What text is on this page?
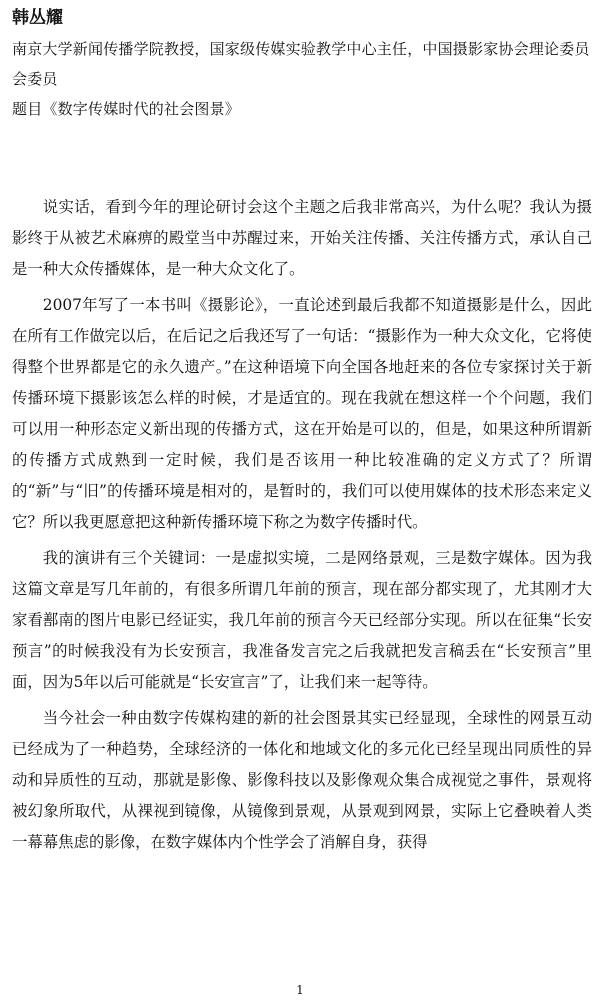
韩丛耀

南京大学新闻传播学院教授，国家级传媒实验教学中心主任，中国摄影家协会理论委员会委员

题目《数字传媒时代的社会图景》

说实话，看到今年的理论研讨会这个主题之后我非常高兴，为什么呢？我认为摄影终于从被艺术麻痹的殿堂当中苏醒过来，开始关注传播、关注传播方式，承认自己是一种大众传播媒体，是一种大众文化了。

2007年写了一本书叫《摄影论》，一直论述到最后我都不知道摄影是什么，因此在所有工作做完以后，在后记之后我还写了一句话：“摄影作为一种大众文化，它将使得整个世界都是它的永久遗产。”在这种语境下向全国各地赶来的各位专家探讨关于新传播环境下摄影该怎么样的时候，才是适宜的。现在我就在想这样一个个问题，我们可以用一种形态定义新出现的传播方式，这在开始是可以的，但是，如果这种所谓新的传播方式成熟到一定时候，我们是否该用一种比较准确的定义方式了？所谓的“新”与“旧”的传播环境是相对的，是暂时的，我们可以使用媒体的技术形态来定义它？所以我更愿意把这种新传播环境下称之为数字传播时代。

我的演讲有三个关键词：一是虚拟实境，二是网络景观，三是数字媒体。因为我这篇文章是写几年前的，有很多所谓几年前的预言，现在部分都实现了，尤其刚才大家看鄯南的图片电影已经证实，我几年前的预言今天已经部分实现。所以在征集“长安预言”的时候我没有为长安预言，我准备发言完之后我就把发言稿丢在“长安预言”里面，因为5年以后可能就是“长安宣言”了，让我们来一起等待。

当今社会一种由数字传媒构建的新的社会图景其实已经显现，全球性的网景互动已经成为了一种趋势，全球经济的一体化和地域文化的多元化已经呈现出同质性的异动和异质性的互动，那就是影像、影像科技以及影像观众集合成视觉之事件，景观将被幻象所取代，从裸视到镜像，从镜像到景观，从景观到网景，实际上它叠映着人类一幕幕焦虑的影像，在数字媒体内个性学会了消解自身，获得

1
